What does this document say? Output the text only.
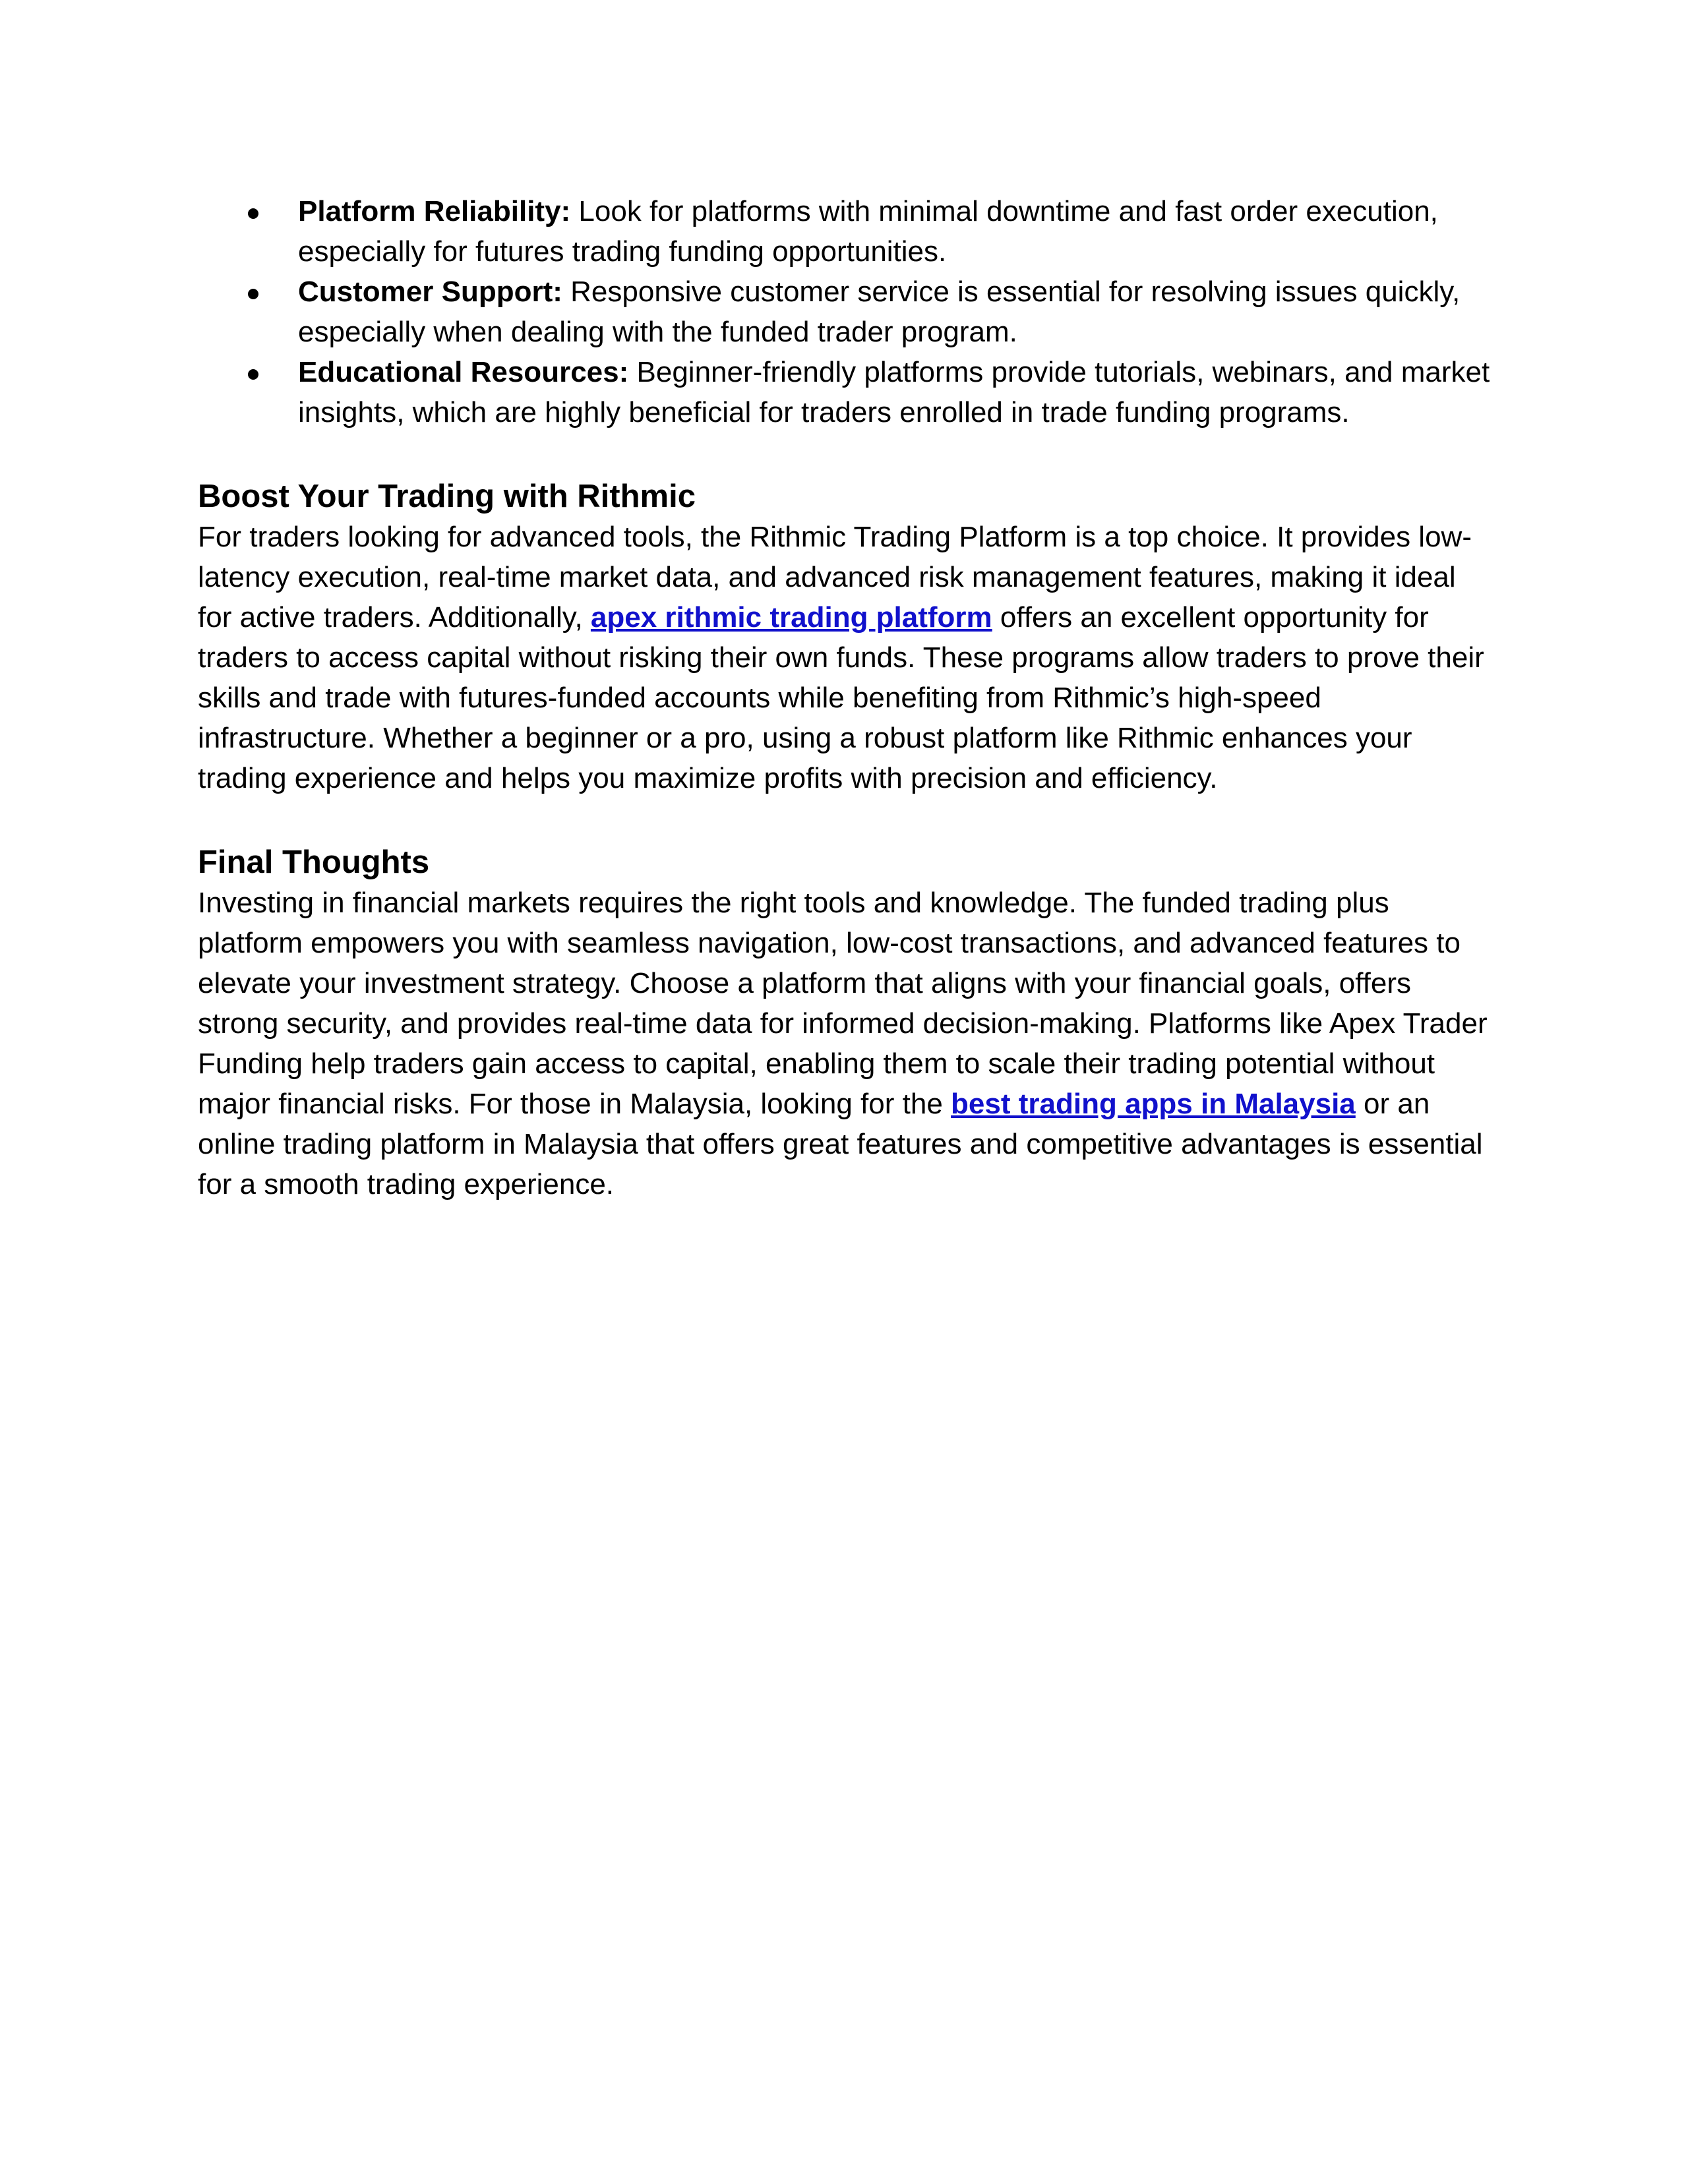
Platform Reliability: Look for platforms with minimal downtime and fast order execution, especially for futures trading funding opportunities.
Customer Support: Responsive customer service is essential for resolving issues quickly, especially when dealing with the funded trader program.
Educational Resources: Beginner-friendly platforms provide tutorials, webinars, and market insights, which are highly beneficial for traders enrolled in trade funding programs.
Boost Your Trading with Rithmic

For traders looking for advanced tools, the Rithmic Trading Platform is a top choice. It provides low-latency execution, real-time market data, and advanced risk management features, making it ideal for active traders. Additionally, apex rithmic trading platform offers an excellent opportunity for traders to access capital without risking their own funds. These programs allow traders to prove their skills and trade with futures-funded accounts while benefiting from Rithmic’s high-speed infrastructure. Whether a beginner or a pro, using a robust platform like Rithmic enhances your trading experience and helps you maximize profits with precision and efficiency.

Final Thoughts

Investing in financial markets requires the right tools and knowledge. The funded trading plus platform empowers you with seamless navigation, low-cost transactions, and advanced features to elevate your investment strategy. Choose a platform that aligns with your financial goals, offers strong security, and provides real-time data for informed decision-making. Platforms like Apex Trader Funding help traders gain access to capital, enabling them to scale their trading potential without major financial risks. For those in Malaysia, looking for the best trading apps in Malaysia or an online trading platform in Malaysia that offers great features and competitive advantages is essential for a smooth trading experience.
